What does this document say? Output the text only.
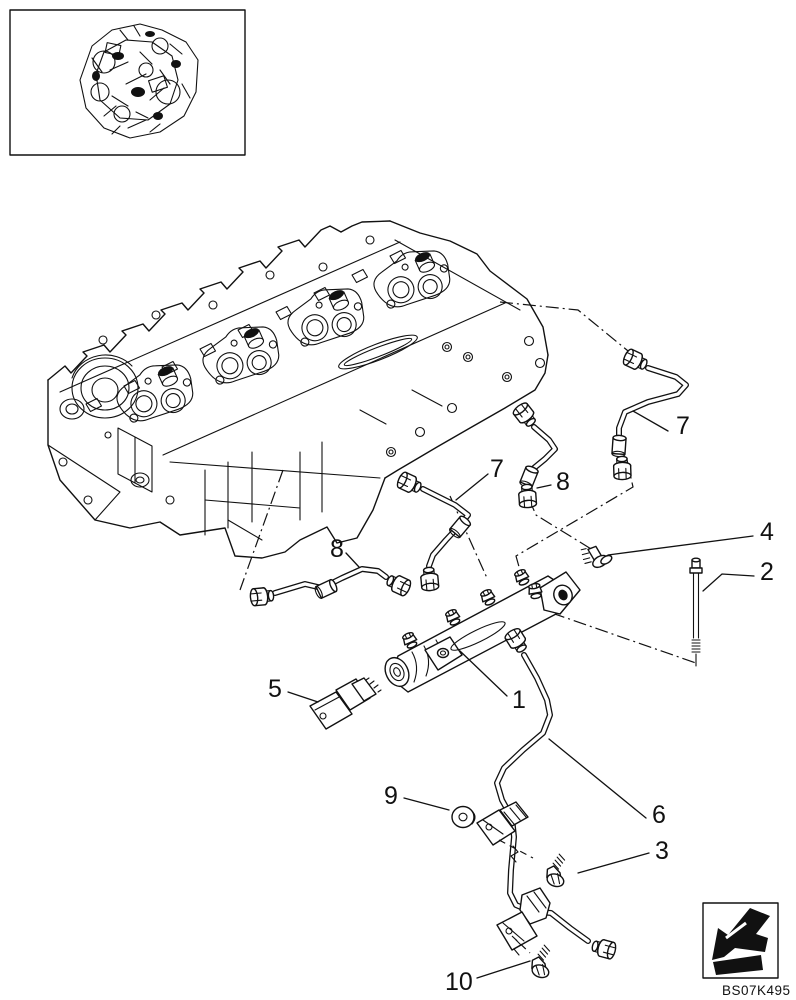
1
2
3
4
5
6
7
7 8
8
9
10	BS07K495
